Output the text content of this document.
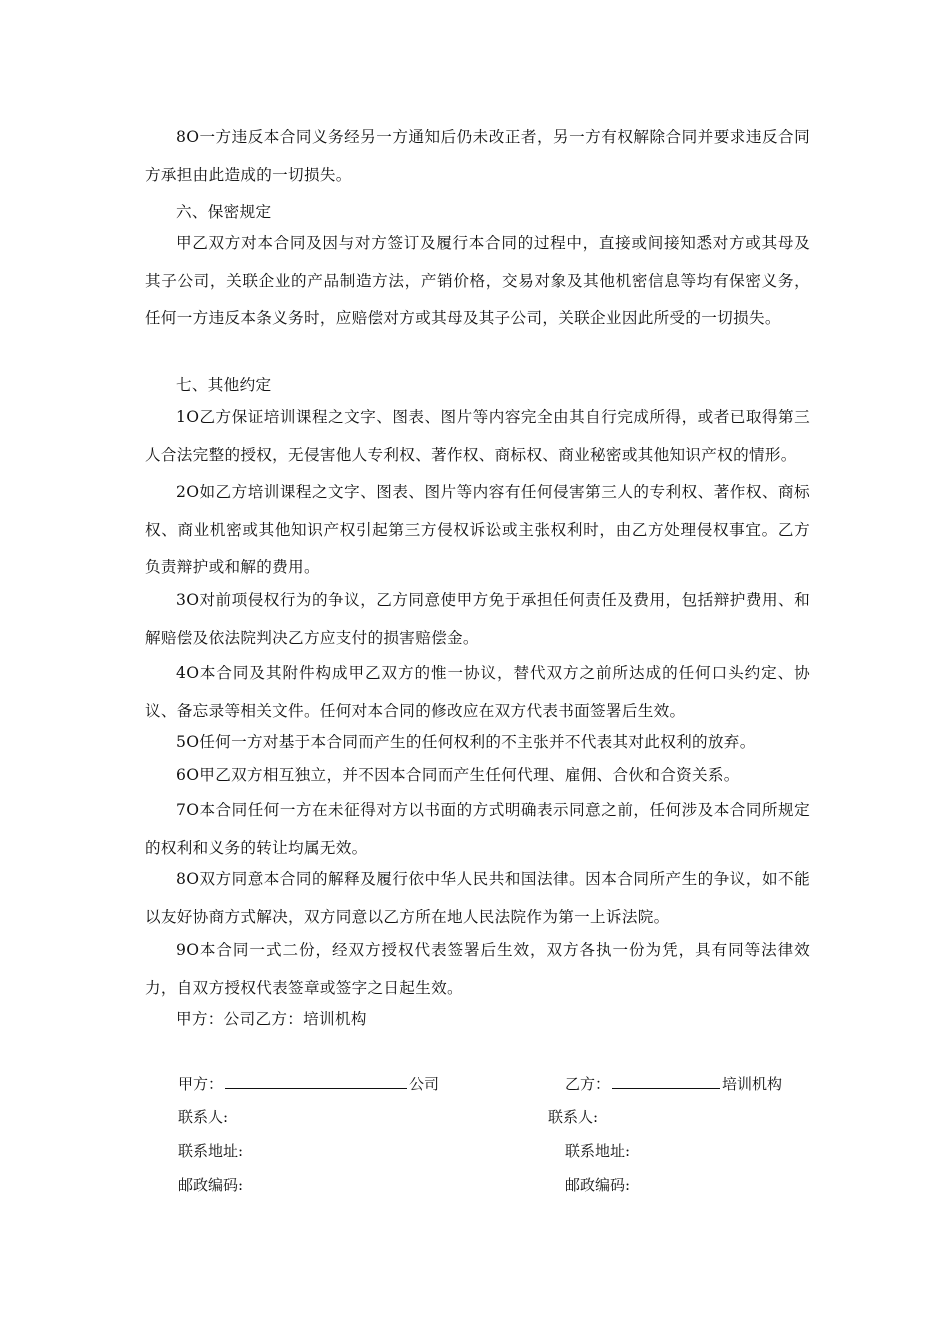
8O一方违反本合同义务经另一方通知后仍未改正者，另一方有权解除合同并要求违反合同方承担由此造成的一切损失。

六、保密规定

甲乙双方对本合同及因与对方签订及履行本合同的过程中，直接或间接知悉对方或其母及其子公司，关联企业的产品制造方法，产销价格，交易对象及其他机密信息等均有保密义务，任何一方违反本条义务时，应赔偿对方或其母及其子公司，关联企业因此所受的一切损失。

七、其他约定

1O乙方保证培训课程之文字、图表、图片等内容完全由其自行完成所得，或者已取得第三人合法完整的授权，无侵害他人专利权、著作权、商标权、商业秘密或其他知识产权的情形。

2O如乙方培训课程之文字、图表、图片等内容有任何侵害第三人的专利权、著作权、商标权、商业机密或其他知识产权引起第三方侵权诉讼或主张权利时，由乙方处理侵权事宜。乙方负责辩护或和解的费用。

3O对前项侵权行为的争议，乙方同意使甲方免于承担任何责任及费用，包括辩护费用、和解赔偿及依法院判决乙方应支付的损害赔偿金。

4O本合同及其附件构成甲乙双方的惟一协议，替代双方之前所达成的任何口头约定、协议、备忘录等相关文件。任何对本合同的修改应在双方代表书面签署后生效。

5O任何一方对基于本合同而产生的任何权利的不主张并不代表其对此权利的放弃。

6O甲乙双方相互独立，并不因本合同而产生任何代理、雇佣、合伙和合资关系。

7O本合同任何一方在未征得对方以书面的方式明确表示同意之前，任何涉及本合同所规定的权利和义务的转让均属无效。

8O双方同意本合同的解释及履行依中华人民共和国法律。因本合同所产生的争议，如不能以友好协商方式解决，双方同意以乙方所在地人民法院作为第一上诉法院。

9O本合同一式二份，经双方授权代表签署后生效，双方各执一份为凭，具有同等法律效力，自双方授权代表签章或签字之日起生效。

甲方：公司乙方：培训机构

甲方：	公司	乙方：	培训机构
联系人:	联系人:
联系地址:	联系地址:
邮政编码:	邮政编码:
